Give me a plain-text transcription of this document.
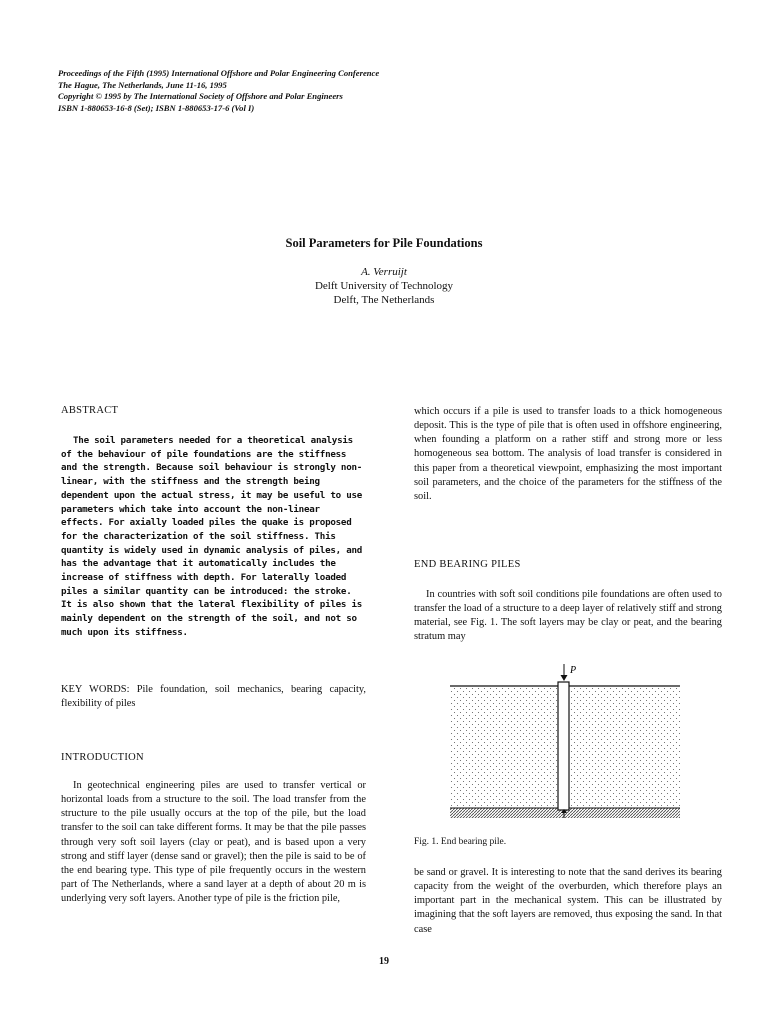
Proceedings of the Fifth (1995) International Offshore and Polar Engineering Conference
The Hague, The Netherlands, June 11-16, 1995
Copyright © 1995 by The International Society of Offshore and Polar Engineers
ISBN 1-880653-16-8 (Set); ISBN 1-880653-17-6 (Vol I)
Soil Parameters for Pile Foundations
A. Verruijt
Delft University of Technology
Delft, The Netherlands
ABSTRACT

The soil parameters needed for a theoretical analysis of the behaviour of pile foundations are the stiffness and the strength. Because soil behaviour is strongly non-linear, with the stiffness and the strength being dependent upon the actual stress, it may be useful to use parameters which take into account the non-linear effects. For axially loaded piles the quake is proposed for the characterization of the soil stiffness. This quantity is widely used in dynamic analysis of piles, and has the advantage that it automatically includes the increase of stiffness with depth. For laterally loaded piles a similar quantity can be introduced: the stroke. It is also shown that the lateral flexibility of piles is mainly dependent on the strength of the soil, and not so much upon its stiffness.

KEY WORDS: Pile foundation, soil mechanics, bearing capacity, flexibility of piles
INTRODUCTION

In geotechnical engineering piles are used to transfer vertical or horizontal loads from a structure to the soil. The load transfer from the structure to the pile usually occurs at the top of the pile, but the load transfer to the soil can take different forms. It may be that the pile passes through very soft soil layers (clay or peat), and is based upon a very strong and stiff layer (dense sand or gravel); then the pile is said to be of the end bearing type. This type of pile frequently occurs in the western part of The Netherlands, where a sand layer at a depth of about 20 m is underlying very soft layers. Another type of pile is the friction pile,

which occurs if a pile is used to transfer loads to a thick homogeneous deposit. This is the type of pile that is often used in offshore engineering, when founding a platform on a rather stiff and strong more or less homogeneous sea bottom. The analysis of load transfer is considered in this paper from a theoretical viewpoint, emphasizing the most important soil parameters, and the choice of the parameters for the stiffness of the soil.
END BEARING PILES

In countries with soft soil conditions pile foundations are often used to transfer the load of a structure to a deep layer of relatively stiff and strong material, see Fig. 1. The soft layers may be clay or peat, and the bearing stratum may

P
Fig. 1. End bearing pile.
be sand or gravel. It is interesting to note that the sand derives its bearing capacity from the weight of the overburden, which therefore plays an important part in the mechanical system. This can be illustrated by imagining that the soft layers are removed, thus exposing the sand. In that case
19
